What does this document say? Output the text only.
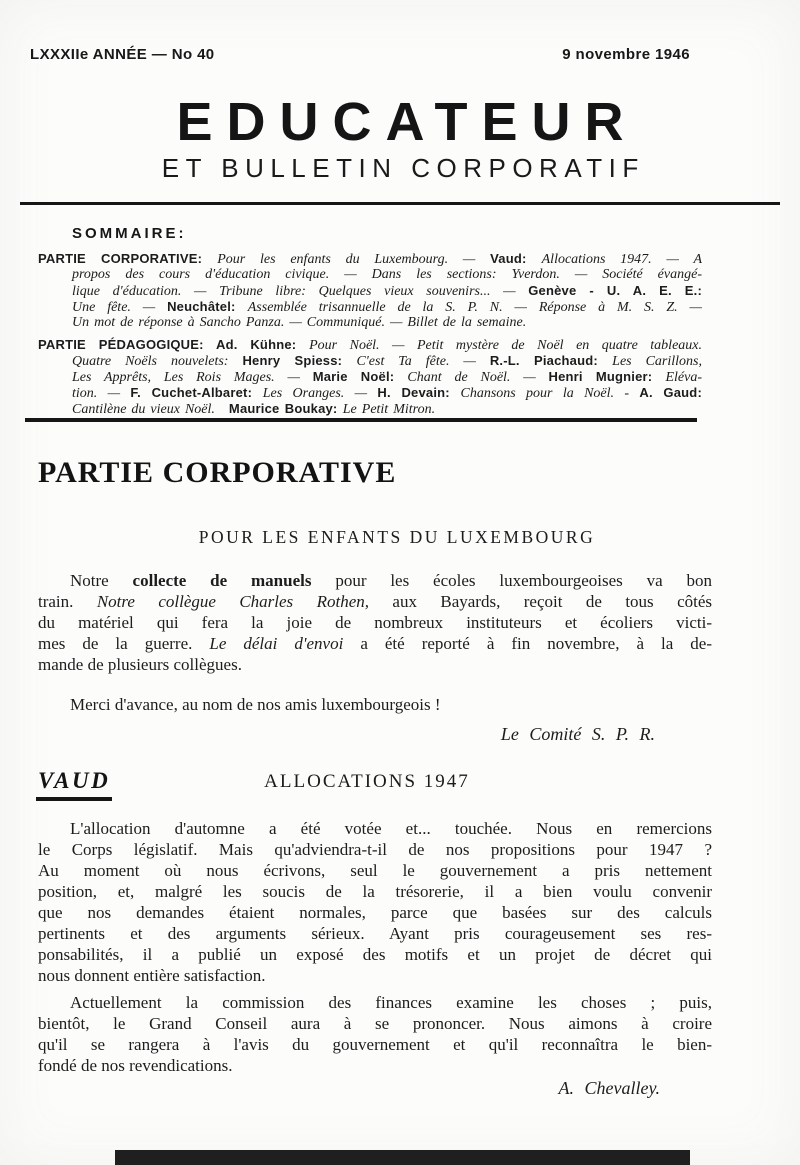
LXXXIIe ANNÉE — No 40	9 novembre 1946
EDUCATEUR
ET BULLETIN CORPORATIF
SOMMAIRE:
PARTIE CORPORATIVE: Pour les enfants du Luxembourg. — Vaud: Allocations 1947. — A
propos des cours d'éducation civique. — Dans les sections: Yverdon. — Société évangé-
lique d'éducation. — Tribune libre: Quelques vieux souvenirs... — Genève - U. A. E. E.:
Une fête. — Neuchâtel: Assemblée trisannuelle de la S. P. N. — Réponse à M. S. Z. —
Un mot de réponse à Sancho Panza. — Communiqué. — Billet de la semaine.
PARTIE PÉDAGOGIQUE: Ad. Kühne: Pour Noël. — Petit mystère de Noël en quatre tableaux.
Quatre Noëls nouvelets: Henry Spiess: C'est Ta fête. — R.-L. Piachaud: Les Carillons,
Les Apprêts, Les Rois Mages. — Marie Noël: Chant de Noël. — Henri Mugnier: Eléva-
tion. — F. Cuchet-Albaret: Les Oranges. — H. Devain: Chansons pour la Noël. - A. Gaud:
Cantilène du vieux Noël. Maurice Boukay: Le Petit Mitron.
PARTIE CORPORATIVE
POUR LES ENFANTS DU LUXEMBOURG
Notre collecte de manuels pour les écoles luxembourgeoises va bon
train. Notre collègue Charles Rothen, aux Bayards, reçoit de tous côtés
du matériel qui fera la joie de nombreux instituteurs et écoliers victi-
mes de la guerre. Le délai d'envoi a été reporté à fin novembre, à la de-
mande de plusieurs collègues.
Merci d'avance, au nom de nos amis luxembourgeois !
Le Comité S. P. R.
VAUD	ALLOCATIONS 1947
L'allocation d'automne a été votée et... touchée. Nous en remercions
le Corps législatif. Mais qu'adviendra-t-il de nos propositions pour 1947 ?
Au moment où nous écrivons, seul le gouvernement a pris nettement
position, et, malgré les soucis de la trésorerie, il a bien voulu convenir
que nos demandes étaient normales, parce que basées sur des calculs
pertinents et des arguments sérieux. Ayant pris courageusement ses res-
ponsabilités, il a publié un exposé des motifs et un projet de décret qui
nous donnent entière satisfaction.
Actuellement la commission des finances examine les choses ; puis,
bientôt, le Grand Conseil aura à se prononcer. Nous aimons à croire
qu'il se rangera à l'avis du gouvernement et qu'il reconnaîtra le bien-
fondé de nos revendications.
A. Chevalley.
